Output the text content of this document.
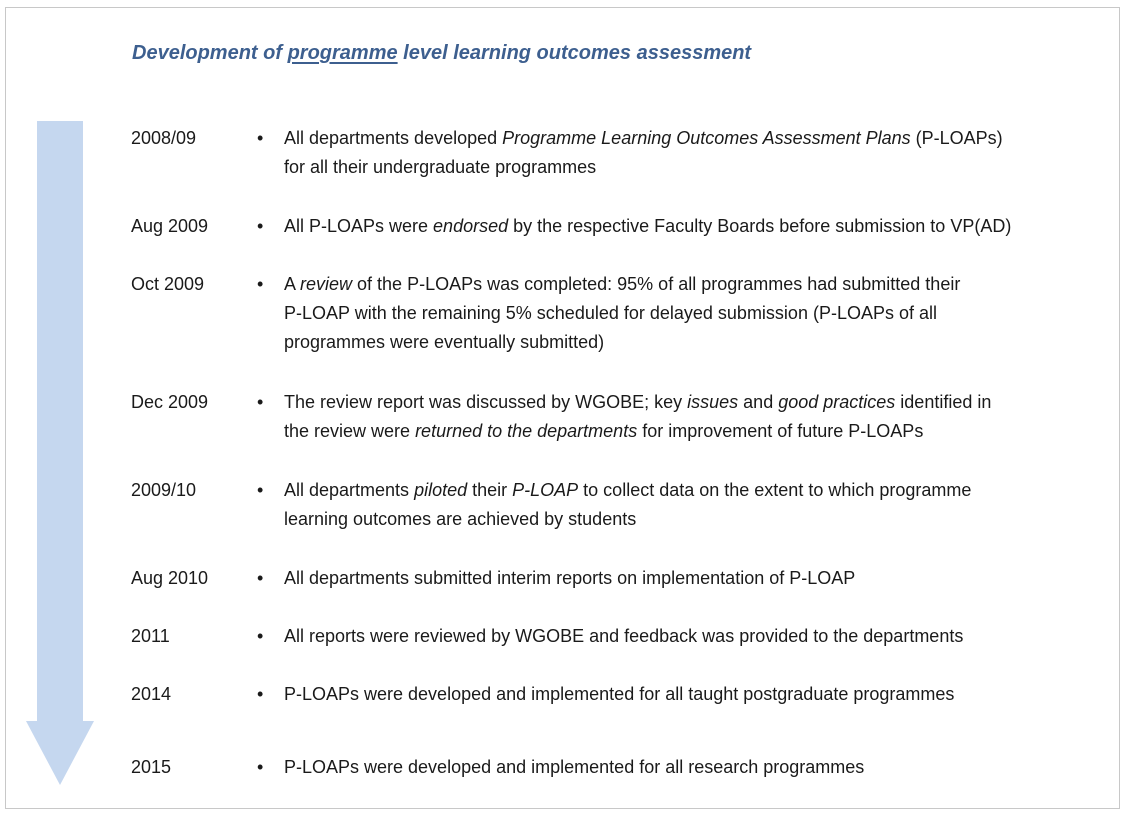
Development of programme level learning outcomes assessment
2008/09	• All departments developed Programme Learning Outcomes Assessment Plans (P-LOAPs)
for all their undergraduate programmes
Aug 2009	• All P-LOAPs were endorsed by the respective Faculty Boards before submission to VP(AD)
Oct 2009	• A review of the P-LOAPs was completed: 95% of all programmes had submitted their
P-LOAP with the remaining 5% scheduled for delayed submission (P-LOAPs of all
programmes were eventually submitted)
Dec 2009	• The review report was discussed by WGOBE; key issues and good practices identified in
the review were returned to the departments for improvement of future P-LOAPs
2009/10	• All departments piloted their P-LOAP to collect data on the extent to which programme
learning outcomes are achieved by students
Aug 2010	• All departments submitted interim reports on implementation of P-LOAP
2011	• All reports were reviewed by WGOBE and feedback was provided to the departments
2014	• P-LOAPs were developed and implemented for all taught postgraduate programmes
2015	• P-LOAPs were developed and implemented for all research programmes
